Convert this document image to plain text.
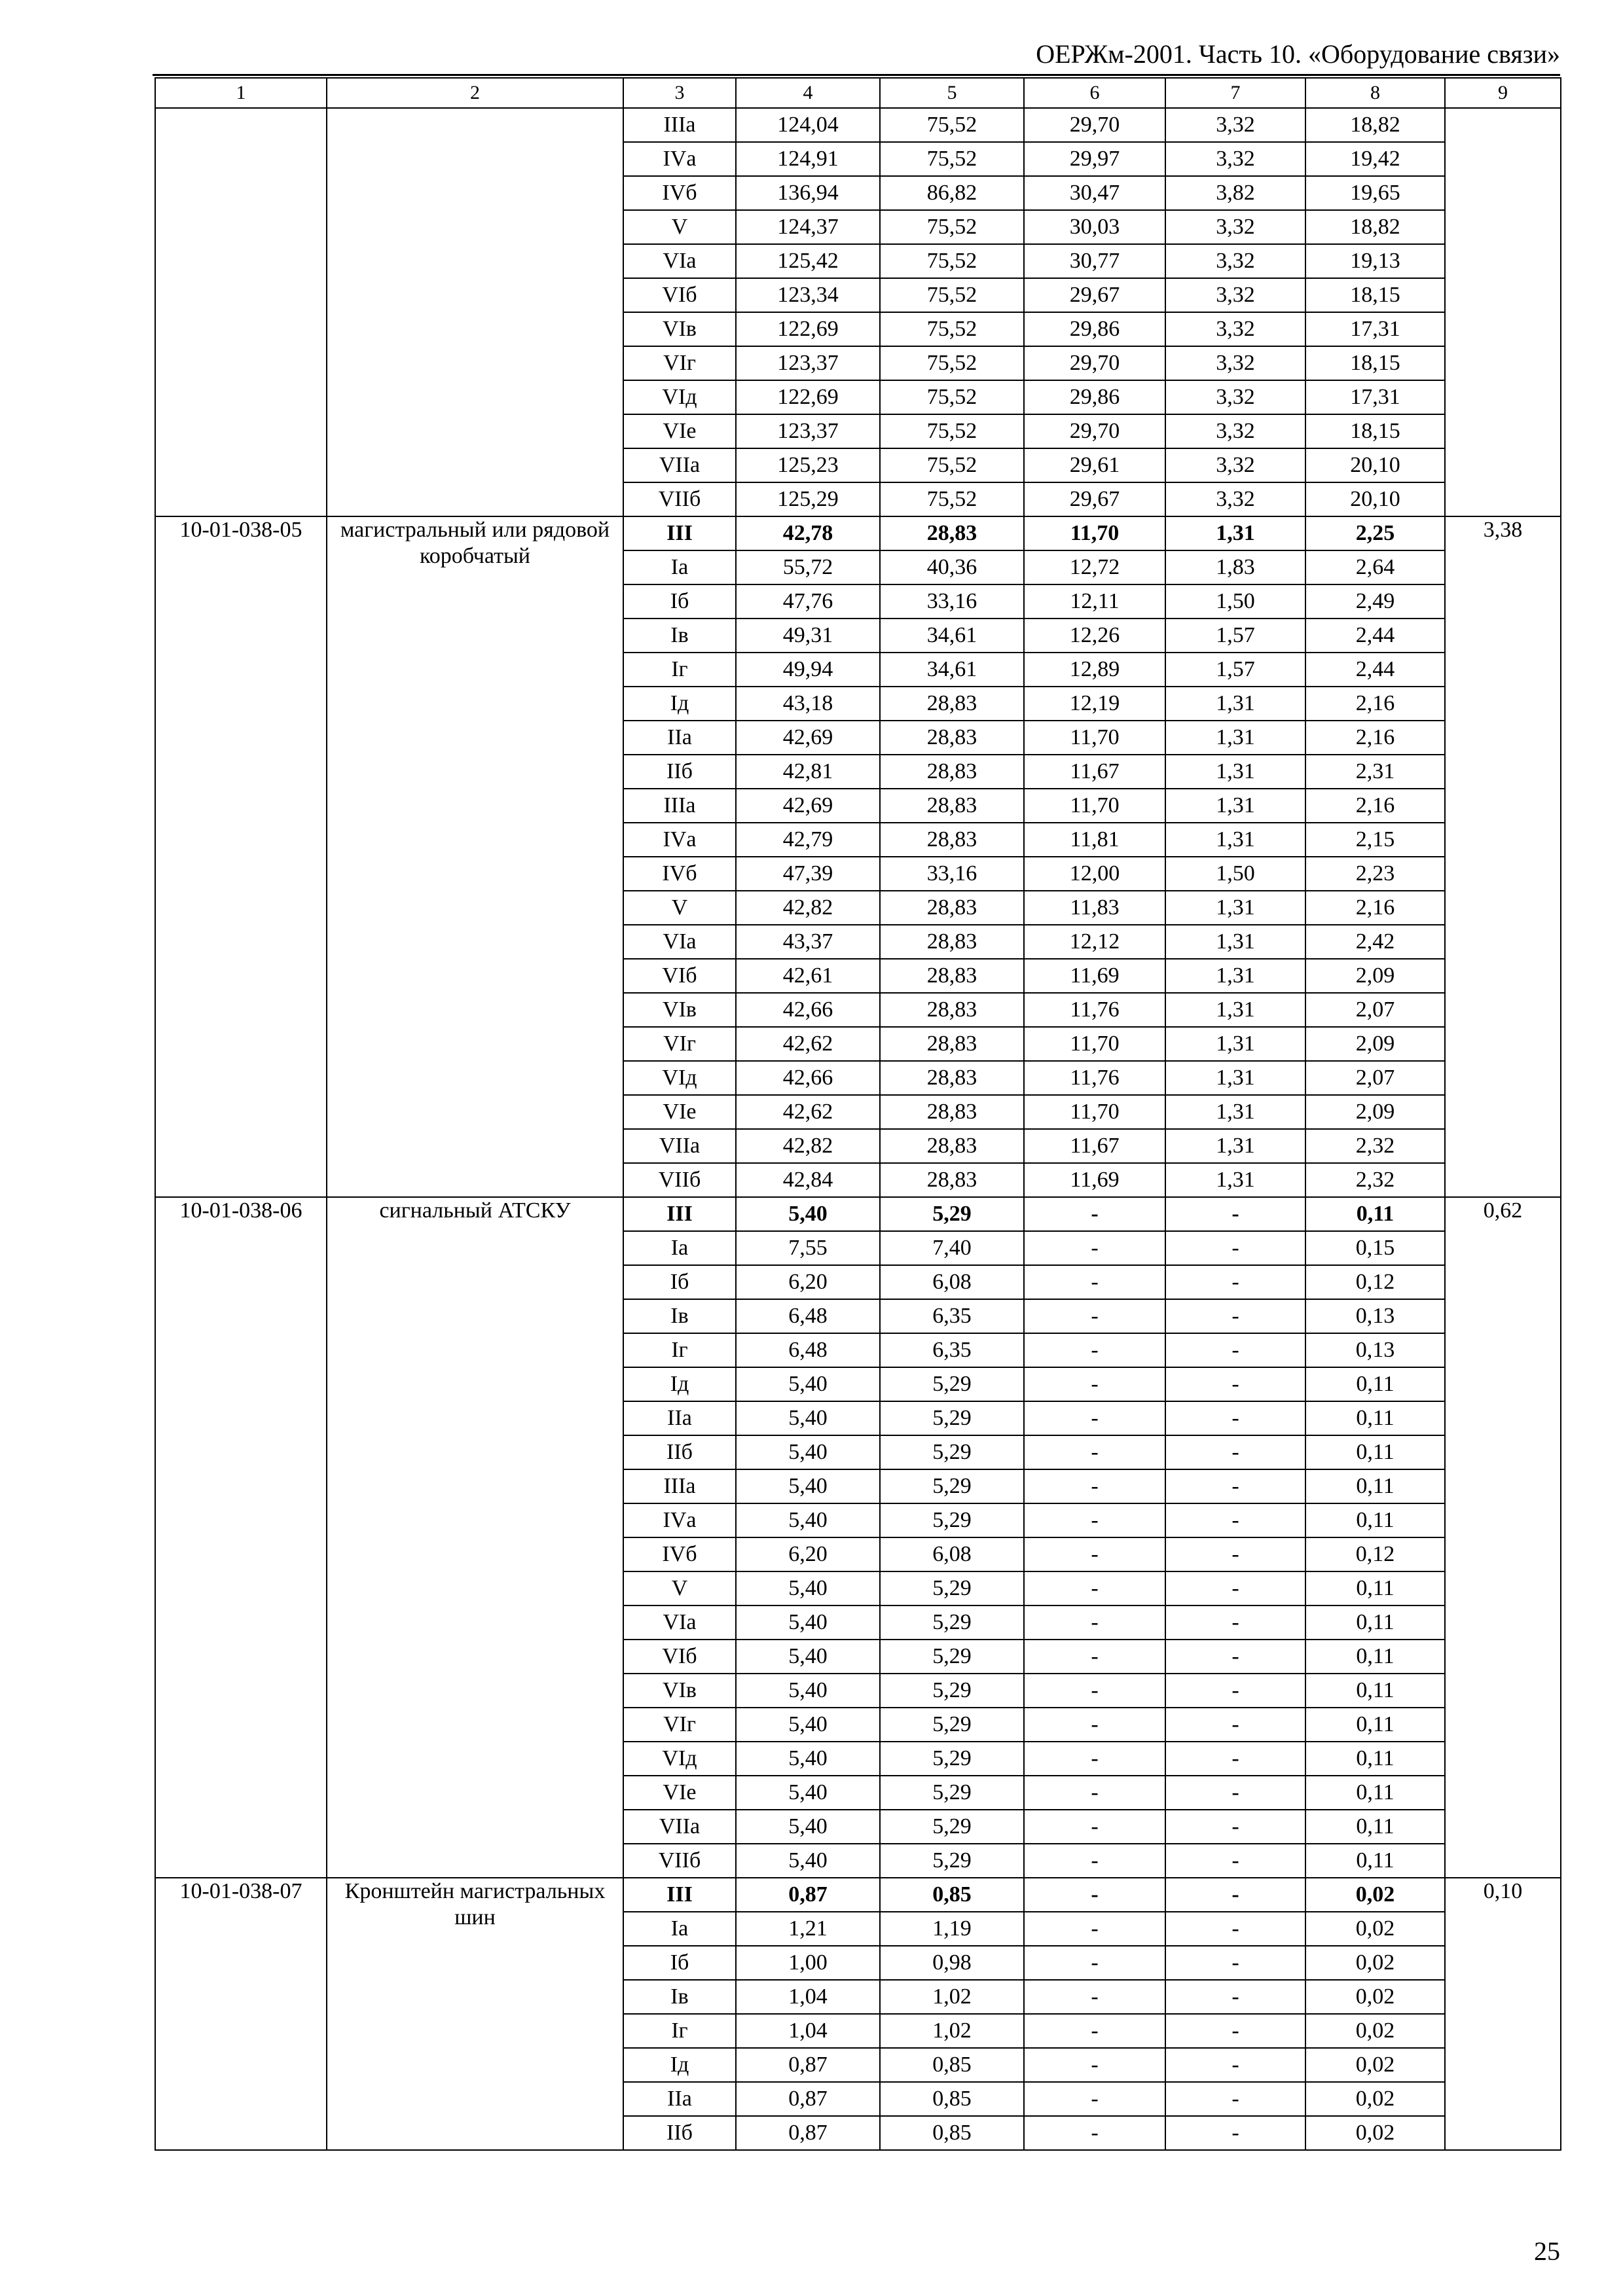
ОЕРЖм-2001. Часть 10. «Оборудование связи»
1	2	3	4	5	6	7	8	9
		IIIа	124,04	75,52	29,70	3,32	18,82	
		IVа	124,91	75,52	29,97	3,32	19,42	
		IVб	136,94	86,82	30,47	3,82	19,65	
		V	124,37	75,52	30,03	3,32	18,82	
		VIа	125,42	75,52	30,77	3,32	19,13	
		VIб	123,34	75,52	29,67	3,32	18,15	
		VIв	122,69	75,52	29,86	3,32	17,31	
		VIг	123,37	75,52	29,70	3,32	18,15	
		VIд	122,69	75,52	29,86	3,32	17,31	
		VIе	123,37	75,52	29,70	3,32	18,15	
		VIIа	125,23	75,52	29,61	3,32	20,10	
		VIIб	125,29	75,52	29,67	3,32	20,10	
10-01-038-05	магистральный или рядовой коробчатый	III	42,78	28,83	11,70	1,31	2,25	3,38
		Iа	55,72	40,36	12,72	1,83	2,64	
		Iб	47,76	33,16	12,11	1,50	2,49	
		Iв	49,31	34,61	12,26	1,57	2,44	
		Iг	49,94	34,61	12,89	1,57	2,44	
		Iд	43,18	28,83	12,19	1,31	2,16	
		IIа	42,69	28,83	11,70	1,31	2,16	
		IIб	42,81	28,83	11,67	1,31	2,31	
		IIIа	42,69	28,83	11,70	1,31	2,16	
		IVа	42,79	28,83	11,81	1,31	2,15	
		IVб	47,39	33,16	12,00	1,50	2,23	
		V	42,82	28,83	11,83	1,31	2,16	
		VIа	43,37	28,83	12,12	1,31	2,42	
		VIб	42,61	28,83	11,69	1,31	2,09	
		VIв	42,66	28,83	11,76	1,31	2,07	
		VIг	42,62	28,83	11,70	1,31	2,09	
		VIд	42,66	28,83	11,76	1,31	2,07	
		VIе	42,62	28,83	11,70	1,31	2,09	
		VIIа	42,82	28,83	11,67	1,31	2,32	
		VIIб	42,84	28,83	11,69	1,31	2,32	
10-01-038-06	сигнальный АТСКУ	III	5,40	5,29	-	-	0,11	0,62
		Iа	7,55	7,40	-	-	0,15	
		Iб	6,20	6,08	-	-	0,12	
		Iв	6,48	6,35	-	-	0,13	
		Iг	6,48	6,35	-	-	0,13	
		Iд	5,40	5,29	-	-	0,11	
		IIа	5,40	5,29	-	-	0,11	
		IIб	5,40	5,29	-	-	0,11	
		IIIа	5,40	5,29	-	-	0,11	
		IVа	5,40	5,29	-	-	0,11	
		IVб	6,20	6,08	-	-	0,12	
		V	5,40	5,29	-	-	0,11	
		VIа	5,40	5,29	-	-	0,11	
		VIб	5,40	5,29	-	-	0,11	
		VIв	5,40	5,29	-	-	0,11	
		VIг	5,40	5,29	-	-	0,11	
		VIд	5,40	5,29	-	-	0,11	
		VIе	5,40	5,29	-	-	0,11	
		VIIа	5,40	5,29	-	-	0,11	
		VIIб	5,40	5,29	-	-	0,11	
10-01-038-07	Кронштейн магистральных шин	III	0,87	0,85	-	-	0,02	0,10
		Iа	1,21	1,19	-	-	0,02	
		Iб	1,00	0,98	-	-	0,02	
		Iв	1,04	1,02	-	-	0,02	
		Iг	1,04	1,02	-	-	0,02	
		Iд	0,87	0,85	-	-	0,02	
		IIа	0,87	0,85	-	-	0,02	
		IIб	0,87	0,85	-	-	0,02	
25
